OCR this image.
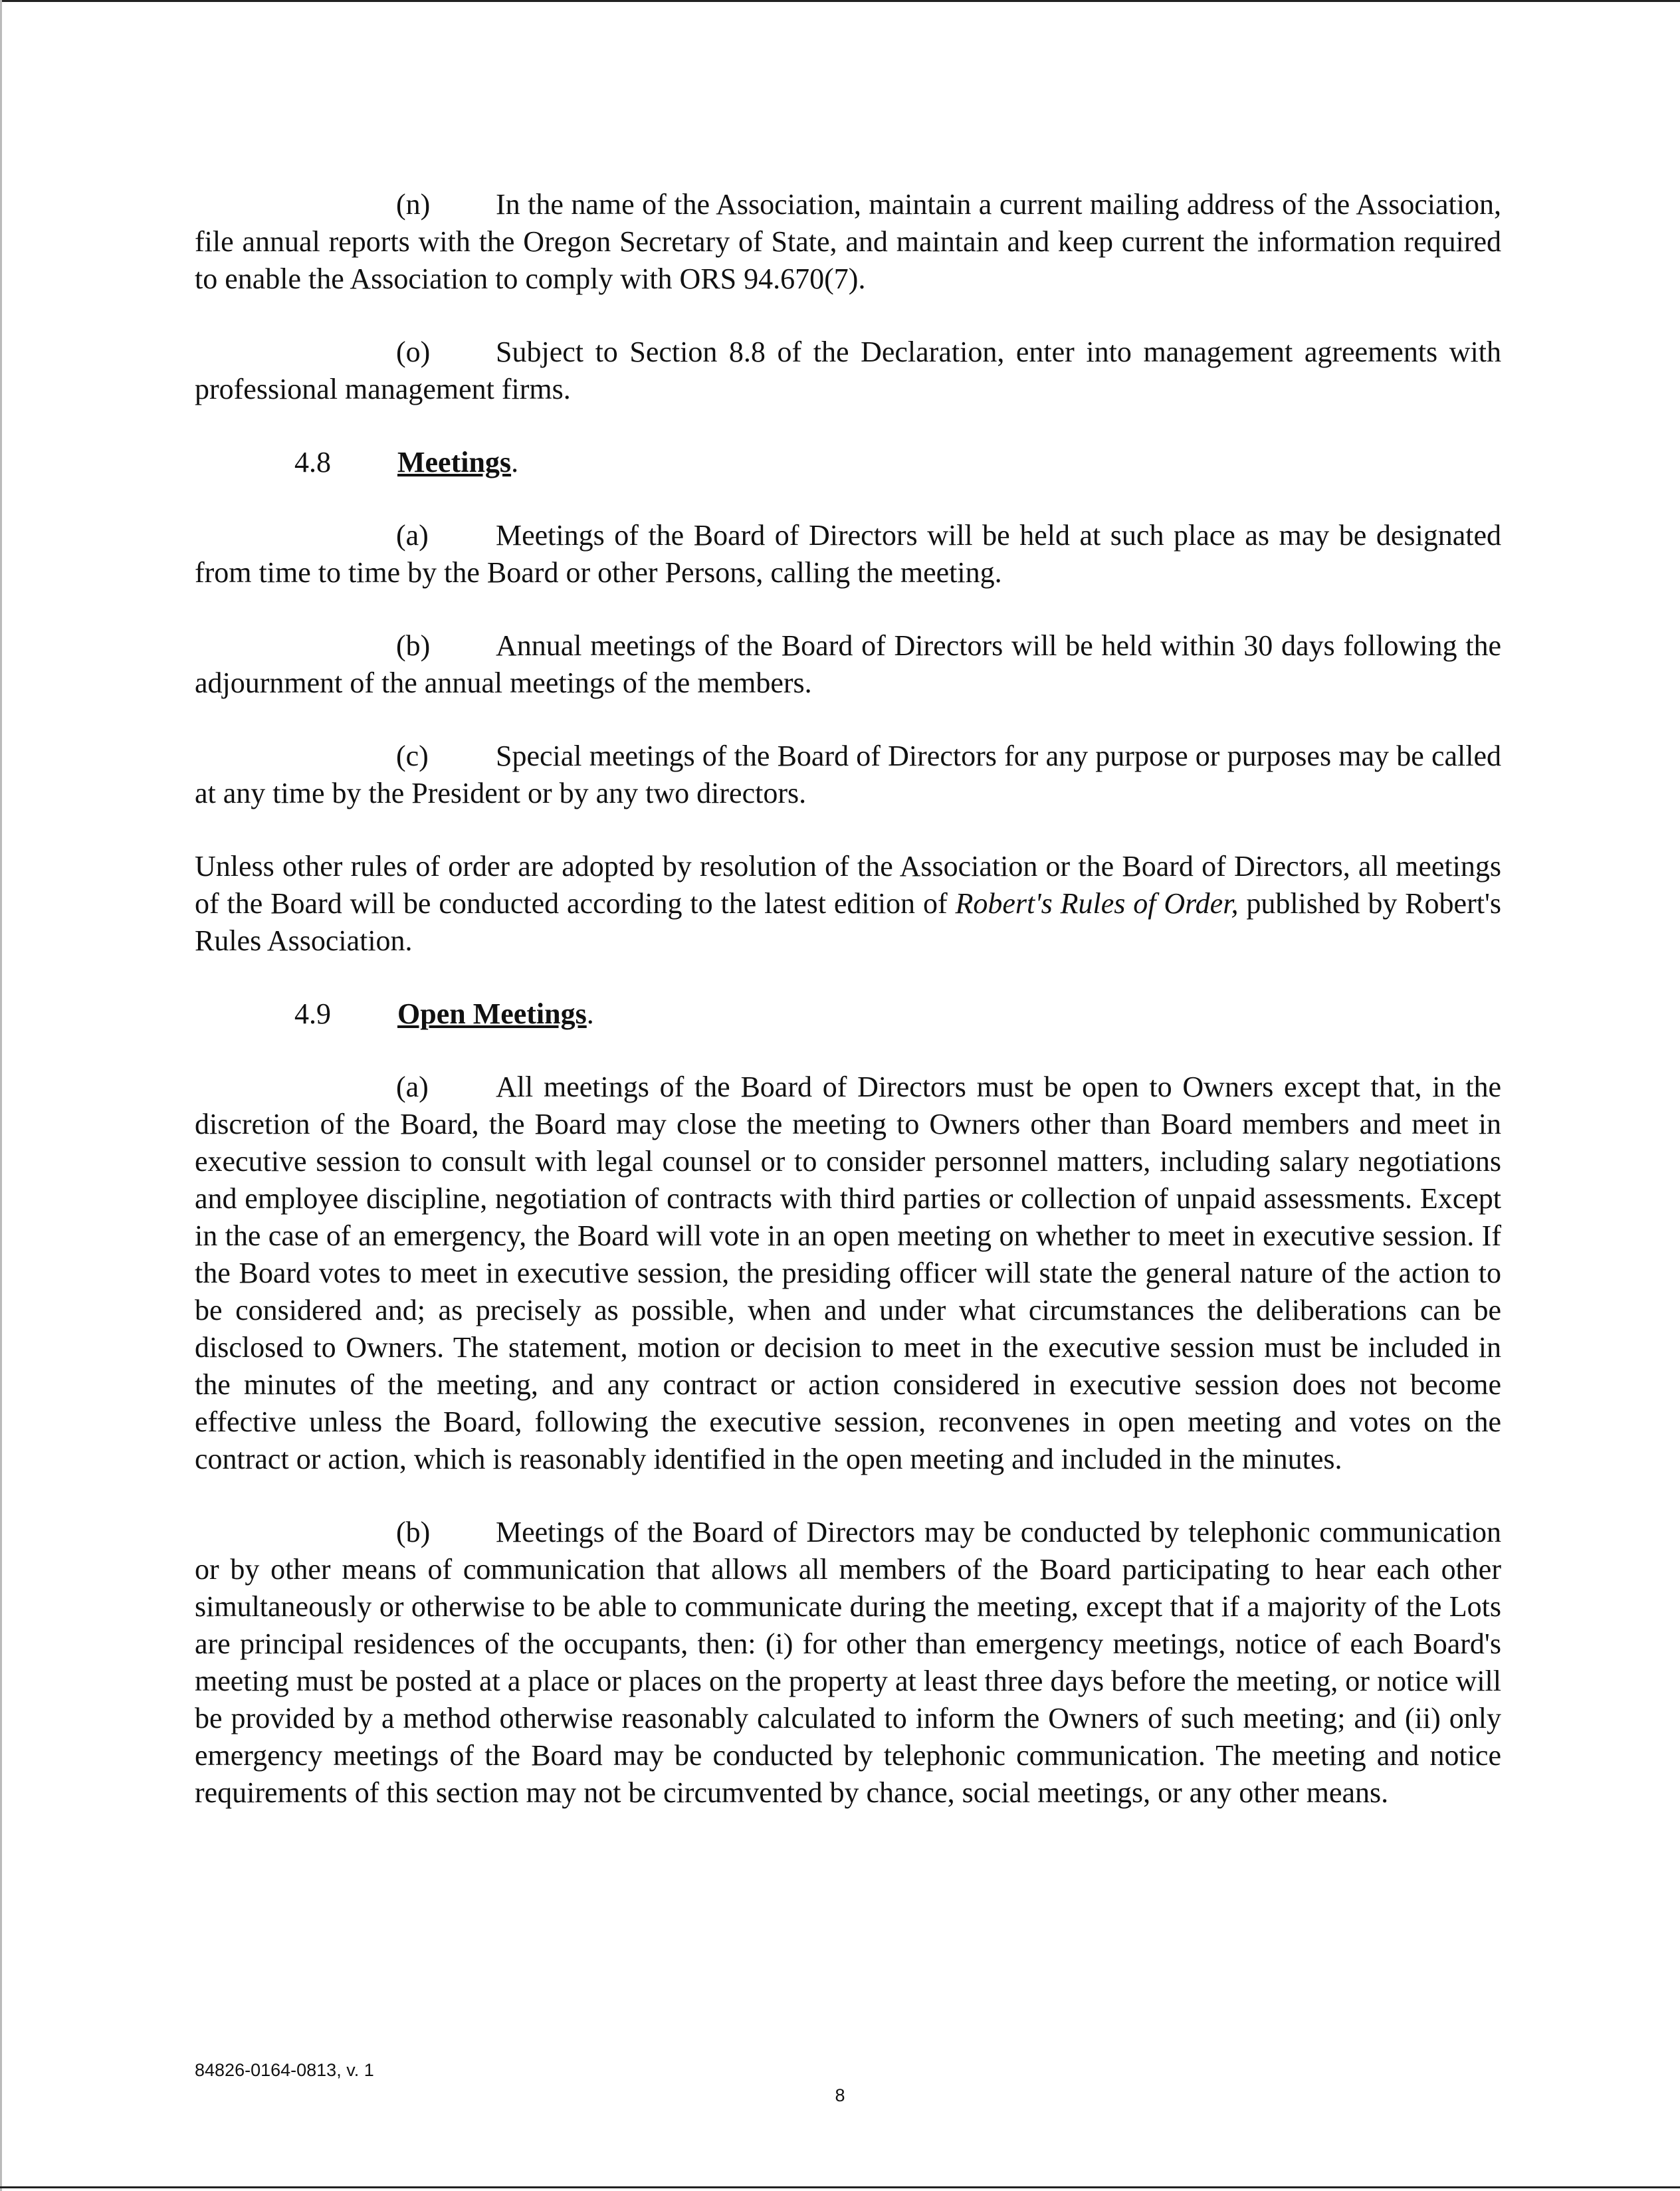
(n) In the name of the Association, maintain a current mailing address of the Association, file annual reports with the Oregon Secretary of State, and maintain and keep current the information required to enable the Association to comply with ORS 94.670(7).

(o) Subject to Section 8.8 of the Declaration, enter into management agreements with professional management firms.

4.8 Meetings.

(a) Meetings of the Board of Directors will be held at such place as may be designated from time to time by the Board or other Persons, calling the meeting.

(b) Annual meetings of the Board of Directors will be held within 30 days following the adjournment of the annual meetings of the members.

(c) Special meetings of the Board of Directors for any purpose or purposes may be called at any time by the President or by any two directors.

Unless other rules of order are adopted by resolution of the Association or the Board of Directors, all meetings of the Board will be conducted according to the latest edition of Robert's Rules of Order, published by Robert's Rules Association.

4.9 Open Meetings.

(a) All meetings of the Board of Directors must be open to Owners except that, in the discretion of the Board, the Board may close the meeting to Owners other than Board members and meet in executive session to consult with legal counsel or to consider personnel matters, including salary negotiations and employee discipline, negotiation of contracts with third parties or collection of unpaid assessments. Except in the case of an emergency, the Board will vote in an open meeting on whether to meet in executive session. If the Board votes to meet in executive session, the presiding officer will state the general nature of the action to be considered and; as precisely as possible, when and under what circumstances the deliberations can be disclosed to Owners. The statement, motion or decision to meet in the executive session must be included in the minutes of the meeting, and any contract or action considered in executive session does not become effective unless the Board, following the executive session, reconvenes in open meeting and votes on the contract or action, which is reasonably identified in the open meeting and included in the minutes.

(b) Meetings of the Board of Directors may be conducted by telephonic communication or by other means of communication that allows all members of the Board participating to hear each other simultaneously or otherwise to be able to communicate during the meeting, except that if a majority of the Lots are principal residences of the occupants, then: (i) for other than emergency meetings, notice of each Board's meeting must be posted at a place or places on the property at least three days before the meeting, or notice will be provided by a method otherwise reasonably calculated to inform the Owners of such meeting; and (ii) only emergency meetings of the Board may be conducted by telephonic communication. The meeting and notice requirements of this section may not be circumvented by chance, social meetings, or any other means.

84826-0164-0813, v. 1
8
